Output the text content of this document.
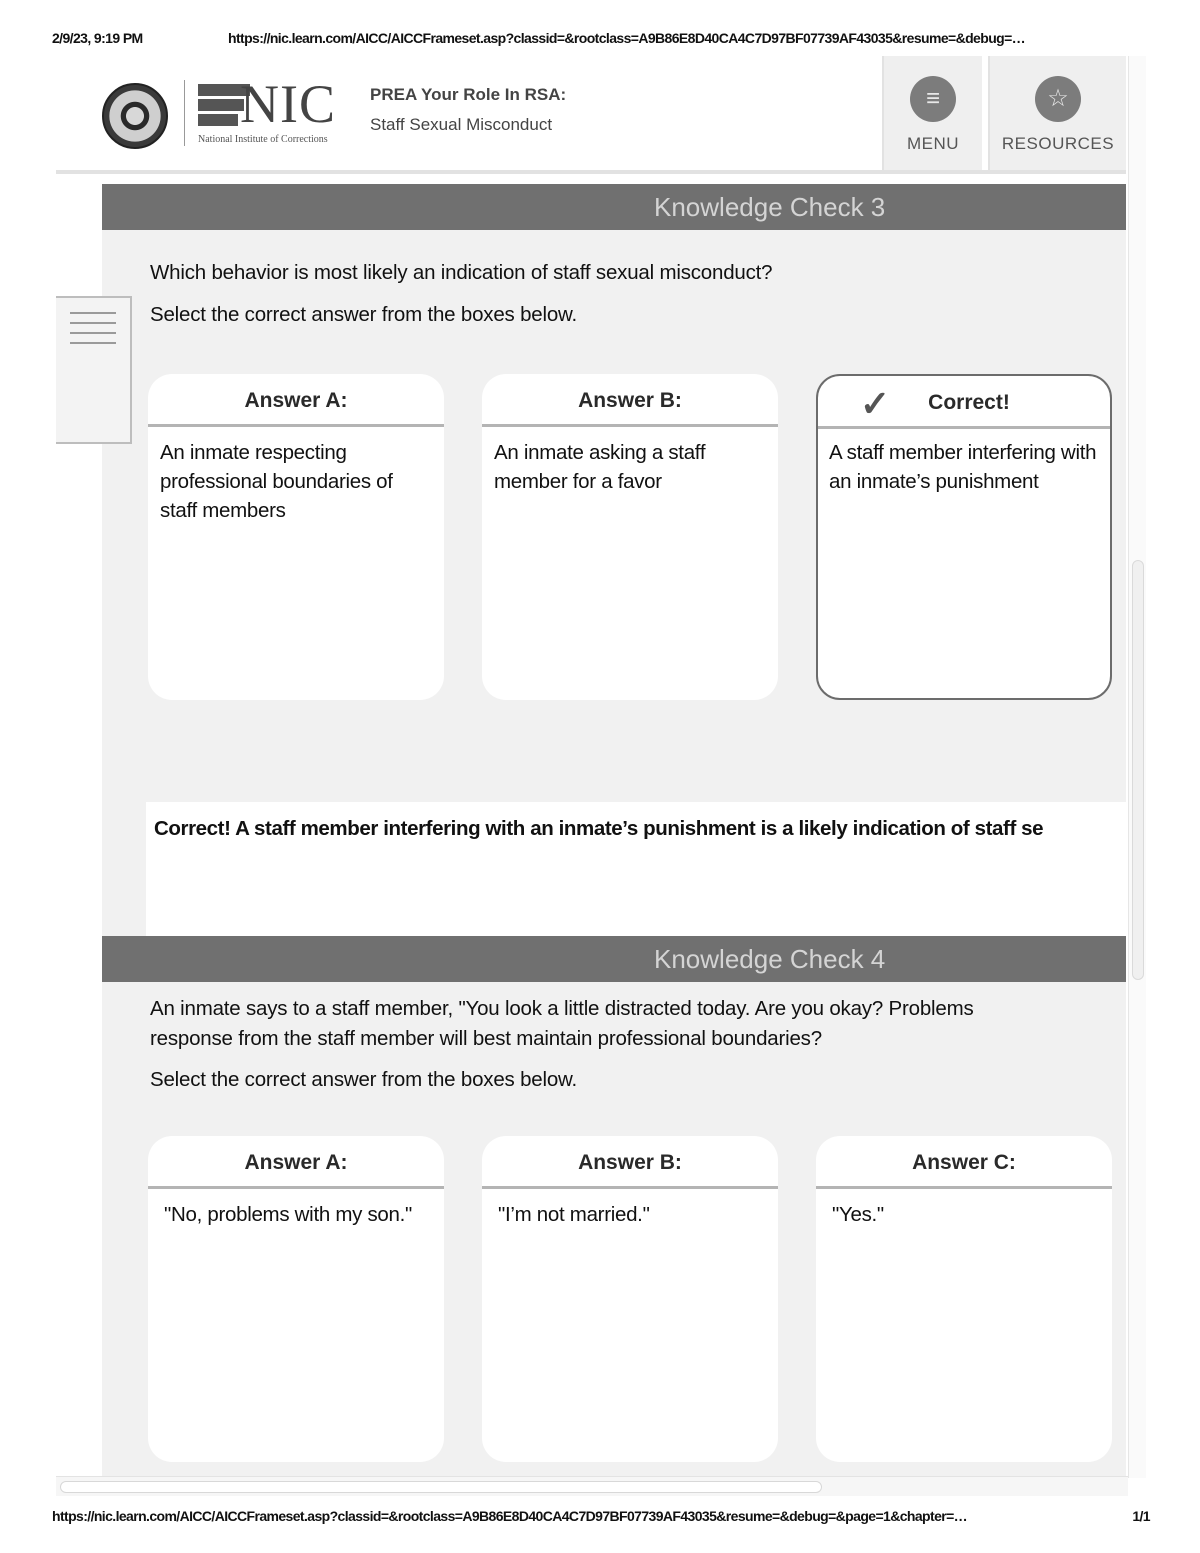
2/9/23, 9:19 PM	https://nic.learn.com/AICC/AICCFrameset.asp?classid=&rootclass=A9B86E8D40CA4C7D97BF07739AF43035&resume=&debug=…
NIC
National Institute of Corrections
PREA Your Role In RSA:
Staff Sexual Misconduct
≡
MENU
☆
RESOURCES
Knowledge Check 3
Which behavior is most likely an indication of staff sexual misconduct?
Select the correct answer from the boxes below.
Answer A:
An inmate respecting professional boundaries of staff members
Answer B:
An inmate asking a staff member for a favor
✓ Correct!
A staff member interfering with an inmate’s punishment
Correct! A staff member interfering with an inmate’s punishment is a likely indication of staff se
Knowledge Check 4
An inmate says to a staff member, "You look a little distracted today. Are you okay? Problems
response from the staff member will best maintain professional boundaries?
Select the correct answer from the boxes below.
Answer A:
"No, problems with my son."
Answer B:
"I’m not married."
Answer C:
"Yes."
https://nic.learn.com/AICC/AICCFrameset.asp?classid=&rootclass=A9B86E8D40CA4C7D97BF07739AF43035&resume=&debug=&page=1&chapter=…	1/1
